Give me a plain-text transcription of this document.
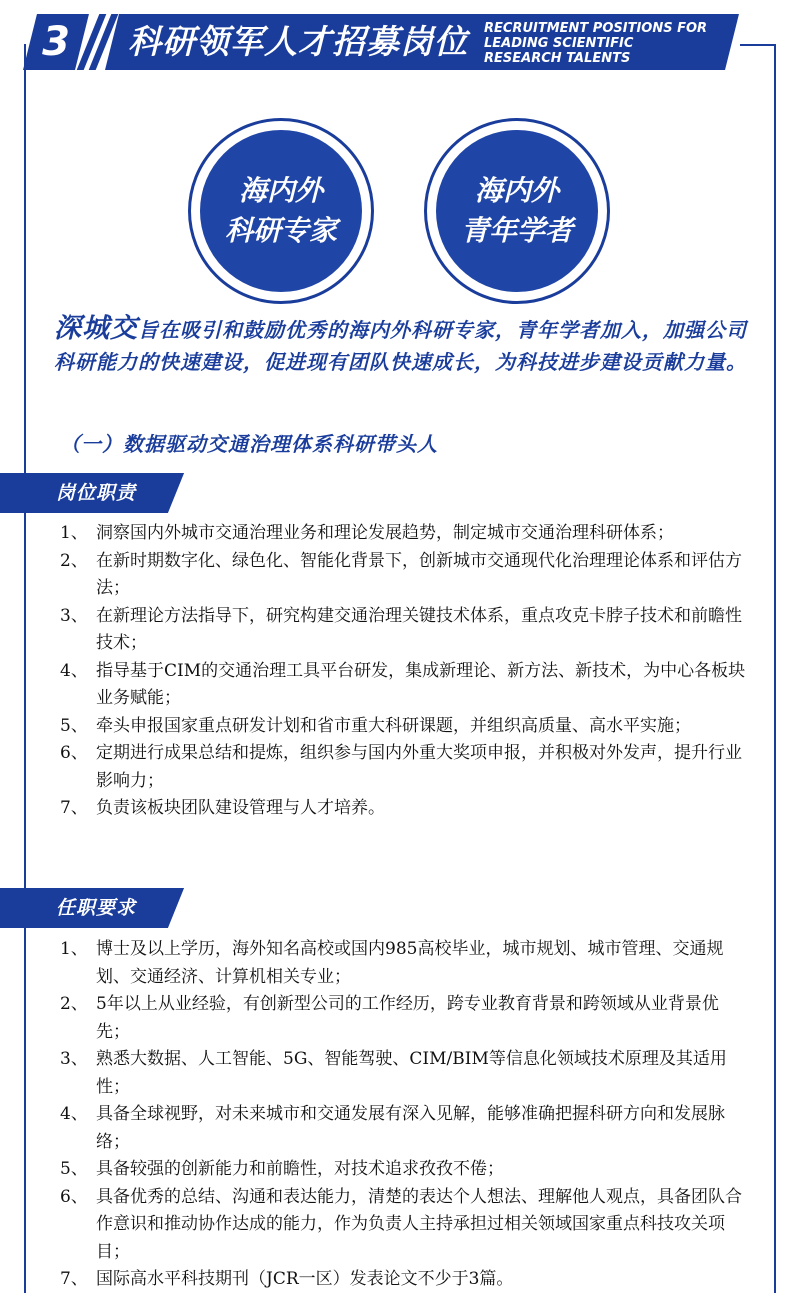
3	科研领军人才招募岗位 RECRUITMENT POSITIONS FOR LEADING SCIENTIFIC RESEARCH TALENTS
海内外
科研专家
海内外
青年学者
深城交旨在吸引和鼓励优秀的海内外科研专家，青年学者加入，加强公司科研能力的快速建设，促进现有团队快速成长，为科技进步建设贡献力量。
（一）数据驱动交通治理体系科研带头人
岗位职责
1、 洞察国内外城市交通治理业务和理论发展趋势，制定城市交通治理科研体系；
2、 在新时期数字化、绿色化、智能化背景下，创新城市交通现代化治理理论体系和评估方法；
3、 在新理论方法指导下，研究构建交通治理关键技术体系，重点攻克卡脖子技术和前瞻性技术；
4、 指导基于CIM的交通治理工具平台研发，集成新理论、新方法、新技术，为中心各板块业务赋能；
5、 牵头申报国家重点研发计划和省市重大科研课题，并组织高质量、高水平实施；
6、 定期进行成果总结和提炼，组织参与国内外重大奖项申报，并积极对外发声，提升行业影响力；
7、 负责该板块团队建设管理与人才培养。
任职要求
1、 博士及以上学历，海外知名高校或国内985高校毕业，城市规划、城市管理、交通规划、交通经济、计算机相关专业；
2、 5年以上从业经验，有创新型公司的工作经历，跨专业教育背景和跨领域从业背景优先；
3、 熟悉大数据、人工智能、5G、智能驾驶、CIM/BIM等信息化领域技术原理及其适用性；
4、 具备全球视野，对未来城市和交通发展有深入见解，能够准确把握科研方向和发展脉络；
5、 具备较强的创新能力和前瞻性，对技术追求孜孜不倦；
6、 具备优秀的总结、沟通和表达能力，清楚的表达个人想法、理解他人观点，具备团队合作意识和推动协作达成的能力，作为负责人主持承担过相关领域国家重点科技攻关项目；
7、 国际高水平科技期刊（JCR一区）发表论文不少于3篇。
